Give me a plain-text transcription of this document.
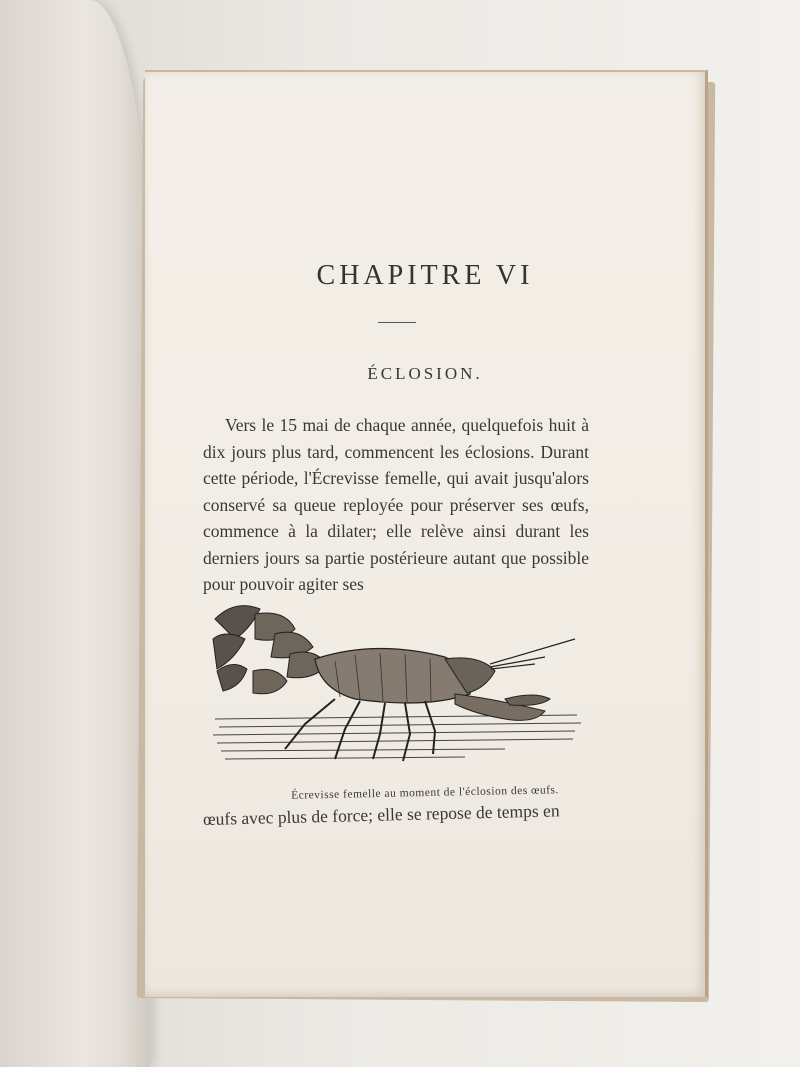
CHAPITRE VI
ÉCLOSION.
Vers le 15 mai de chaque année, quelquefois huit à dix jours plus tard, commencent les éclosions. Durant cette période, l'Écrevisse femelle, qui avait jusqu'alors conservé sa queue reployée pour préserver ses œufs, commence à la dilater; elle relève ainsi durant les derniers jours sa partie postérieure autant que possible pour pouvoir agiter ses
Écrevisse femelle au moment de l'éclosion des œufs.
œufs avec plus de force; elle se repose de temps en
